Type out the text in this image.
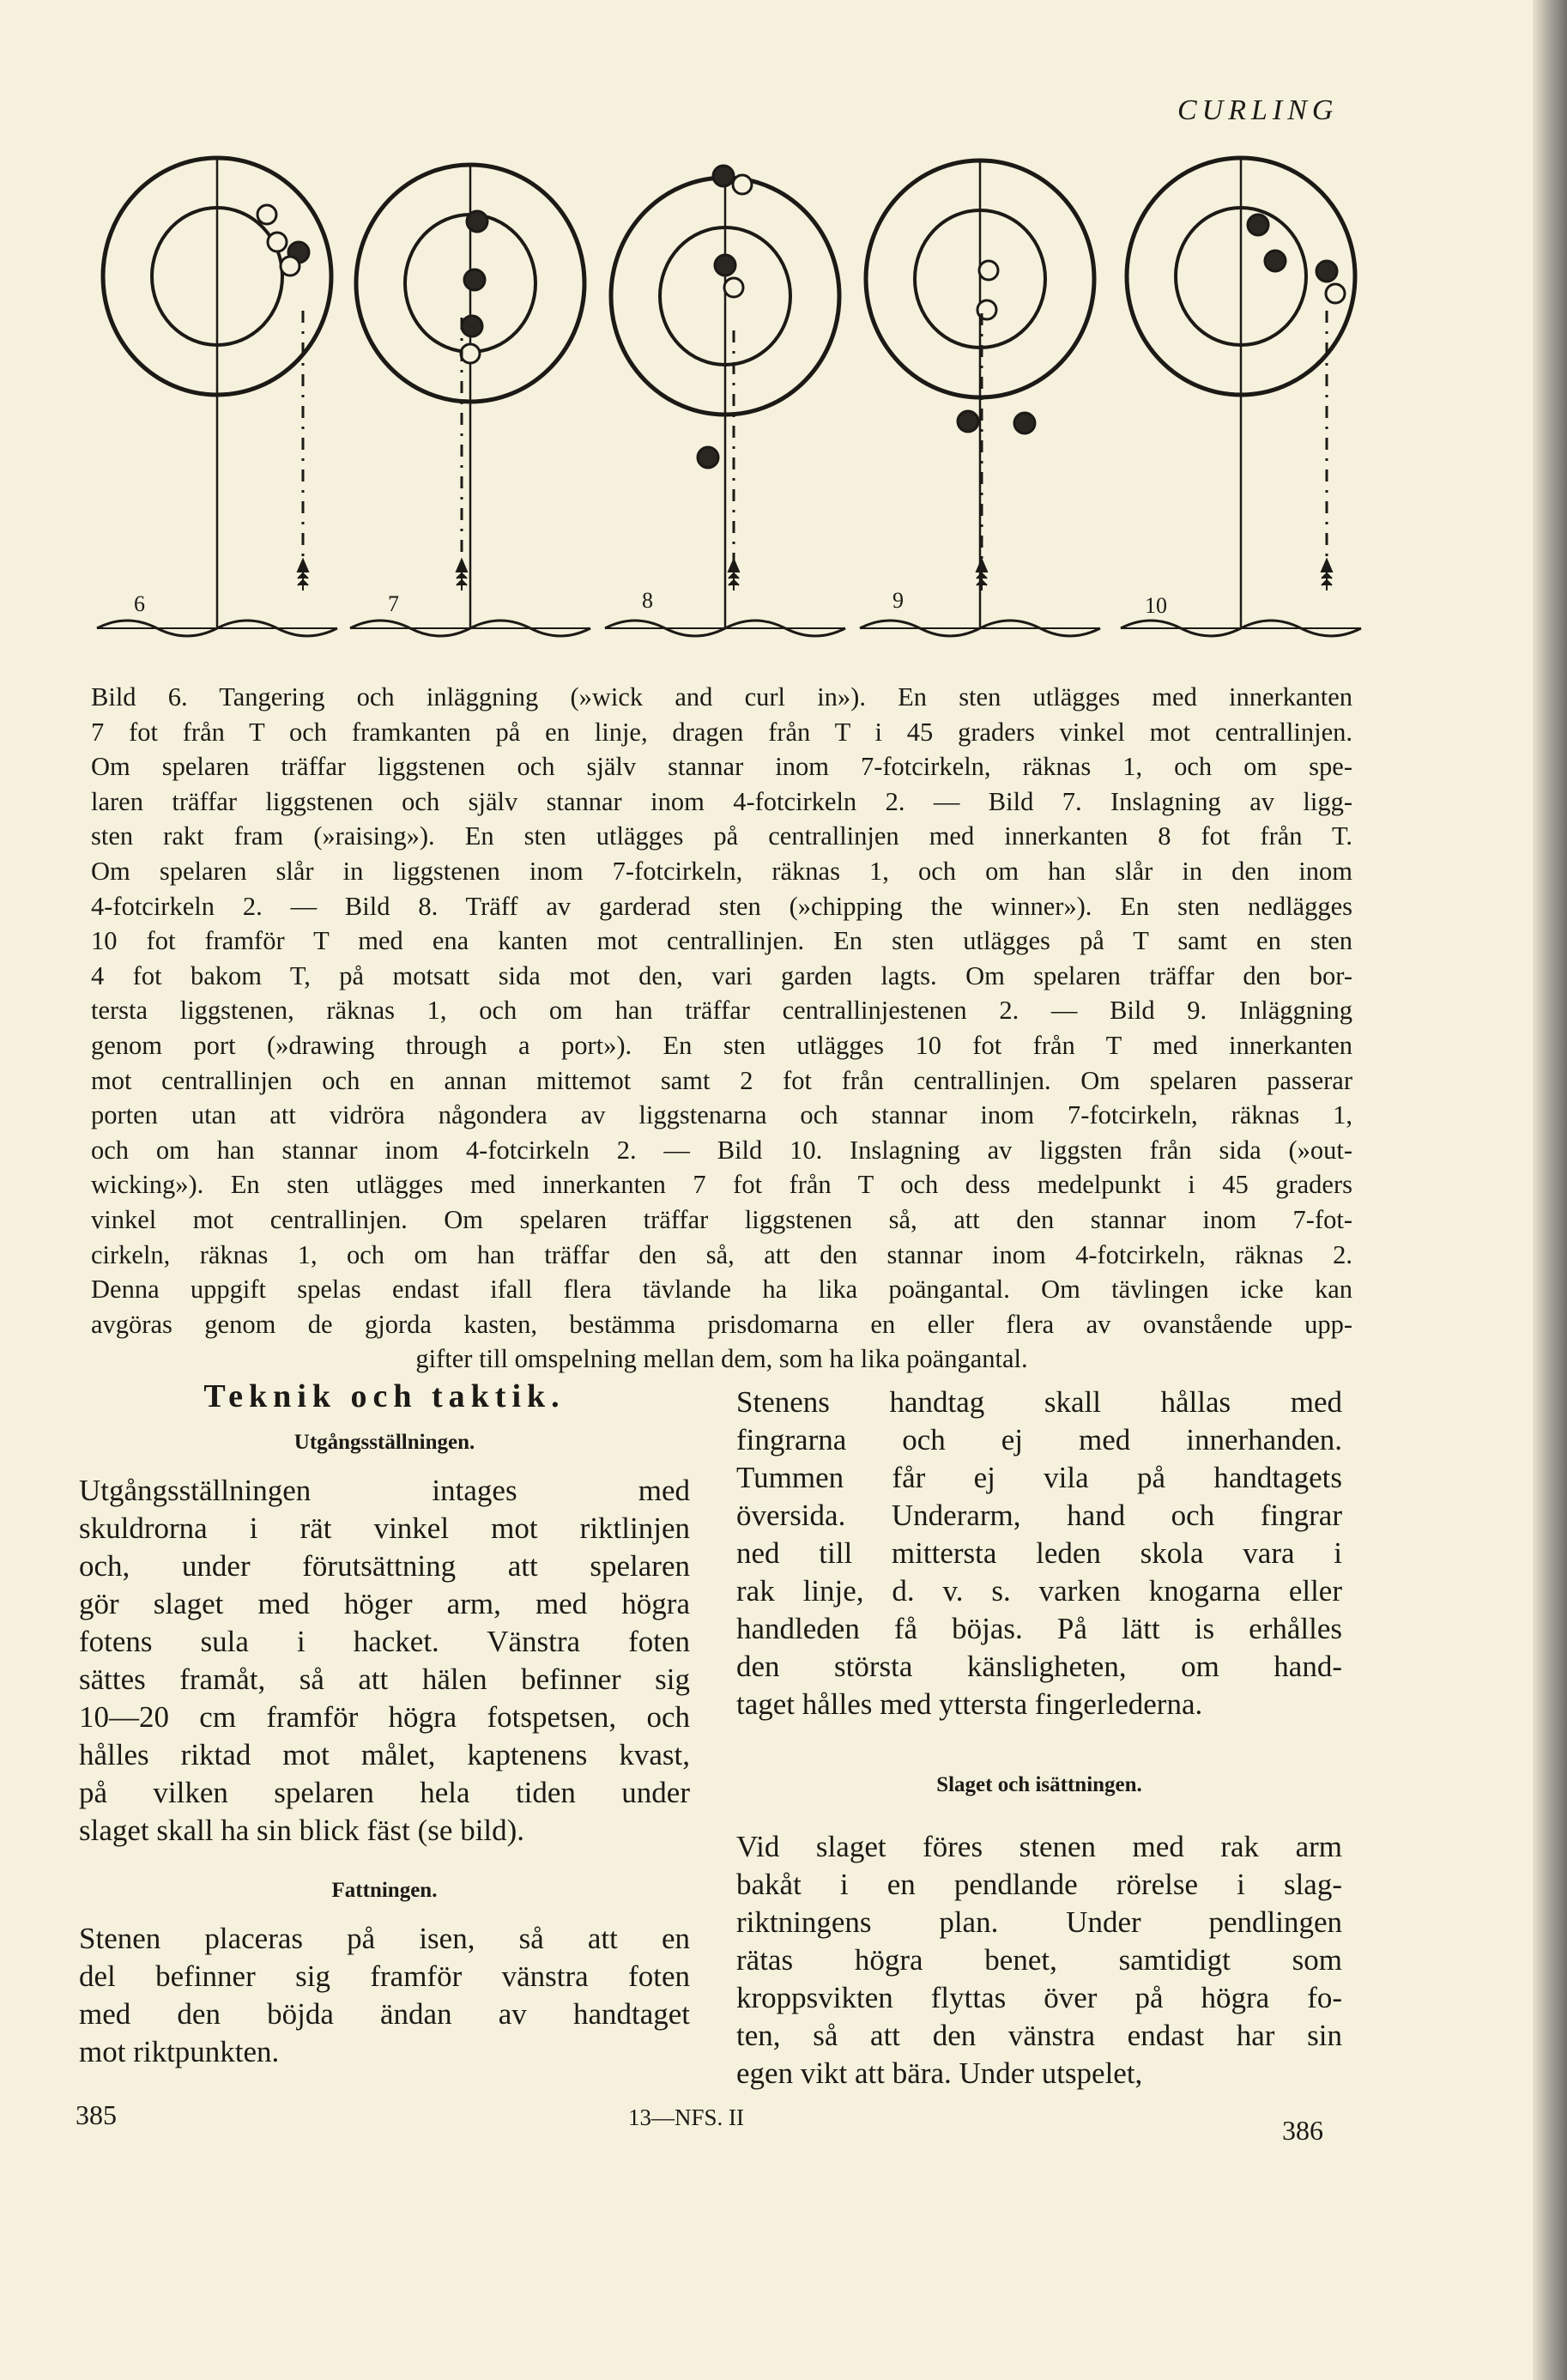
CURLING
6	7	8	9	10
Bild 6. Tangering och inläggning (»wick and curl in»). En sten utlägges med innerkanten
7 fot från T och framkanten på en linje, dragen från T i 45 graders vinkel mot centrallinjen.
Om spelaren träffar liggstenen och själv stannar inom 7-fotcirkeln, räknas 1, och om spe-
laren träffar liggstenen och själv stannar inom 4-fotcirkeln 2. — Bild 7. Inslagning av ligg-
sten rakt fram (»raising»). En sten utlägges på centrallinjen med innerkanten 8 fot från T.
Om spelaren slår in liggstenen inom 7-fotcirkeln, räknas 1, och om han slår in den inom
4-fotcirkeln 2. — Bild 8. Träff av garderad sten (»chipping the winner»). En sten nedlägges
10 fot framför T med ena kanten mot centrallinjen. En sten utlägges på T samt en sten
4 fot bakom T, på motsatt sida mot den, vari garden lagts. Om spelaren träffar den bor-
tersta liggstenen, räknas 1, och om han träffar centrallinjestenen 2. — Bild 9. Inläggning
genom port (»drawing through a port»). En sten utlägges 10 fot från T med innerkanten
mot centrallinjen och en annan mittemot samt 2 fot från centrallinjen. Om spelaren passerar
porten utan att vidröra någondera av liggstenarna och stannar inom 7-fotcirkeln, räknas 1,
och om han stannar inom 4-fotcirkeln 2. — Bild 10. Inslagning av liggsten från sida (»out-
wicking»). En sten utlägges med innerkanten 7 fot från T och dess medelpunkt i 45 graders
vinkel mot centrallinjen. Om spelaren träffar liggstenen så, att den stannar inom 7-fot-
cirkeln, räknas 1, och om han träffar den så, att den stannar inom 4-fotcirkeln, räknas 2.
Denna uppgift spelas endast ifall flera tävlande ha lika poängantal. Om tävlingen icke kan
avgöras genom de gjorda kasten, bestämma prisdomarna en eller flera av ovanstående upp-
gifter till omspelning mellan dem, som ha lika poängantal.
Teknik och taktik.
Utgångsställningen.
Utgångsställningen intages med
skuldrorna i rät vinkel mot riktlinjen
och, under förutsättning att spelaren
gör slaget med höger arm, med högra
fotens sula i hacket. Vänstra foten
sättes framåt, så att hälen befinner sig
10—20 cm framför högra fotspetsen, och
hålles riktad mot målet, kaptenens kvast,
på vilken spelaren hela tiden under
slaget skall ha sin blick fäst (se bild).
Fattningen.
Stenen placeras på isen, så att en
del befinner sig framför vänstra foten
med den böjda ändan av handtaget
mot riktpunkten.
Stenens handtag skall hållas med
fingrarna och ej med innerhanden.
Tummen får ej vila på handtagets
översida. Underarm, hand och fingrar
ned till mittersta leden skola vara i
rak linje, d. v. s. varken knogarna eller
handleden få böjas. På lätt is erhålles
den största känsligheten, om hand-
taget hålles med yttersta fingerlederna.
Slaget och isättningen.
Vid slaget föres stenen med rak arm
bakåt i en pendlande rörelse i slag-
riktningens plan. Under pendlingen
rätas högra benet, samtidigt som
kroppsvikten flyttas över på högra fo-
ten, så att den vänstra endast har sin
egen vikt att bära. Under utspelet,
385	13—NFS. II	386
